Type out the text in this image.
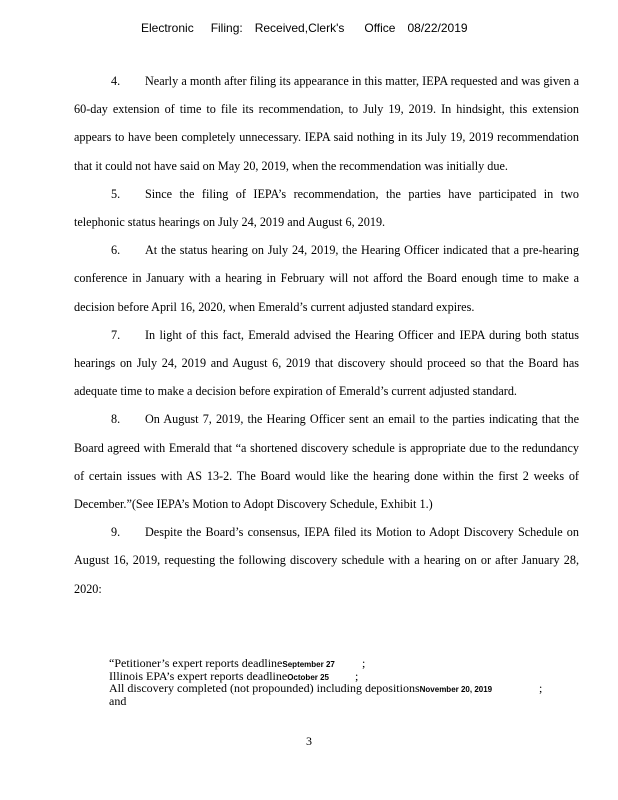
Electronic Filing: Received,Clerk's Office 08/22/2019

4. Nearly a month after filing its appearance in this matter, IEPA requested and was given a 60-day extension of time to file its recommendation, to July 19, 2019. In hindsight, this extension appears to have been completely unnecessary. IEPA said nothing in its July 19, 2019 recommendation that it could not have said on May 20, 2019, when the recommendation was initially due.

5. Since the filing of IEPA’s recommendation, the parties have participated in two telephonic status hearings on July 24, 2019 and August 6, 2019.

6. At the status hearing on July 24, 2019, the Hearing Officer indicated that a pre-hearing conference in January with a hearing in February will not afford the Board enough time to make a decision before April 16, 2020, when Emerald’s current adjusted standard expires.

7. In light of this fact, Emerald advised the Hearing Officer and IEPA during both status hearings on July 24, 2019 and August 6, 2019 that discovery should proceed so that the Board has adequate time to make a decision before expiration of Emerald’s current adjusted standard.

8. On August 7, 2019, the Hearing Officer sent an email to the parties indicating that the Board agreed with Emerald that “a shortened discovery schedule is appropriate due to the redundancy of certain issues with AS 13-2. The Board would like the hearing done within the first 2 weeks of December.”(See IEPA’s Motion to Adopt Discovery Schedule, Exhibit 1.)

9. Despite the Board’s consensus, IEPA filed its Motion to Adopt Discovery Schedule on August 16, 2019, requesting the following discovery schedule with a hearing on or after January 28, 2020:

“Petitioner’s expert reports deadlineSeptember 27 ;
Illinois EPA’s expert reports deadlineOctober 25 ;
All discovery completed (not propounded) including depositionsNovember 20, 2019	;
and
3
